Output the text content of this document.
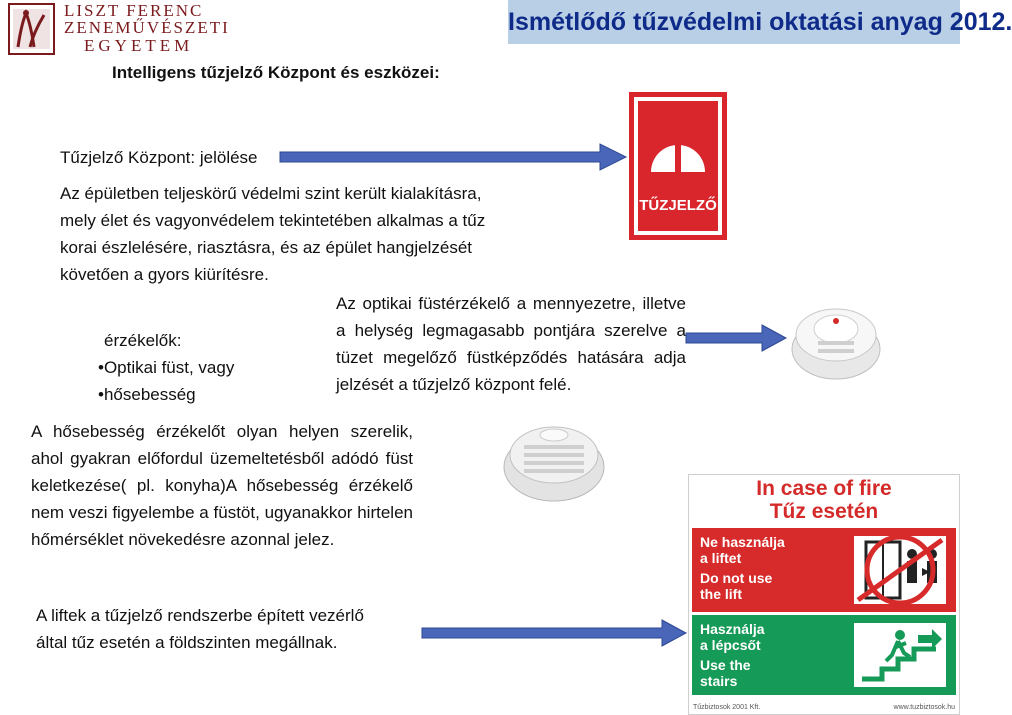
LISZT FERENC
ZENEMŰVÉSZETI
EGYETEM
Ismétlődő tűzvédelmi oktatási anyag 2012.
Intelligens tűzjelző Központ és eszközei:
Tűzjelző Központ: jelölése
Az épületben teljeskörű védelmi szint került kialakításra, mely élet és vagyonvédelem tekintetében alkalmas a tűz korai észlelésére, riasztásra, és az épület hangjelzését követően a gyors kiürítésre.
érzékelők:
•Optikai füst, vagy
•hősebesség
Az optikai füstérzékelő a mennyezetre, illetve a helység legmagasabb pontjára szerelve a tüzet megelőző füstképződés hatására adja jelzését a tűzjelző központ felé.
A hősebesség érzékelőt olyan helyen szerelik, ahol gyakran előfordul üzemeltetésből adódó füst keletkezése( pl. konyha)A hősebesség érzékelő nem veszi figyelembe a füstöt, ugyanakkor hirtelen hőmérséklet növekedésre azonnal jelez.
A liftek a tűzjelző rendszerbe épített vezérlő által tűz esetén a földszinten megállnak.
TŰZJELZŐ
In case of fire
Tűz esetén
Ne használja
a liftet
Do not use
the lift
Használja
a lépcsőt
Use the
stairs
Tűzbiztosok 2001 Kft.	www.tuzbiztosok.hu
